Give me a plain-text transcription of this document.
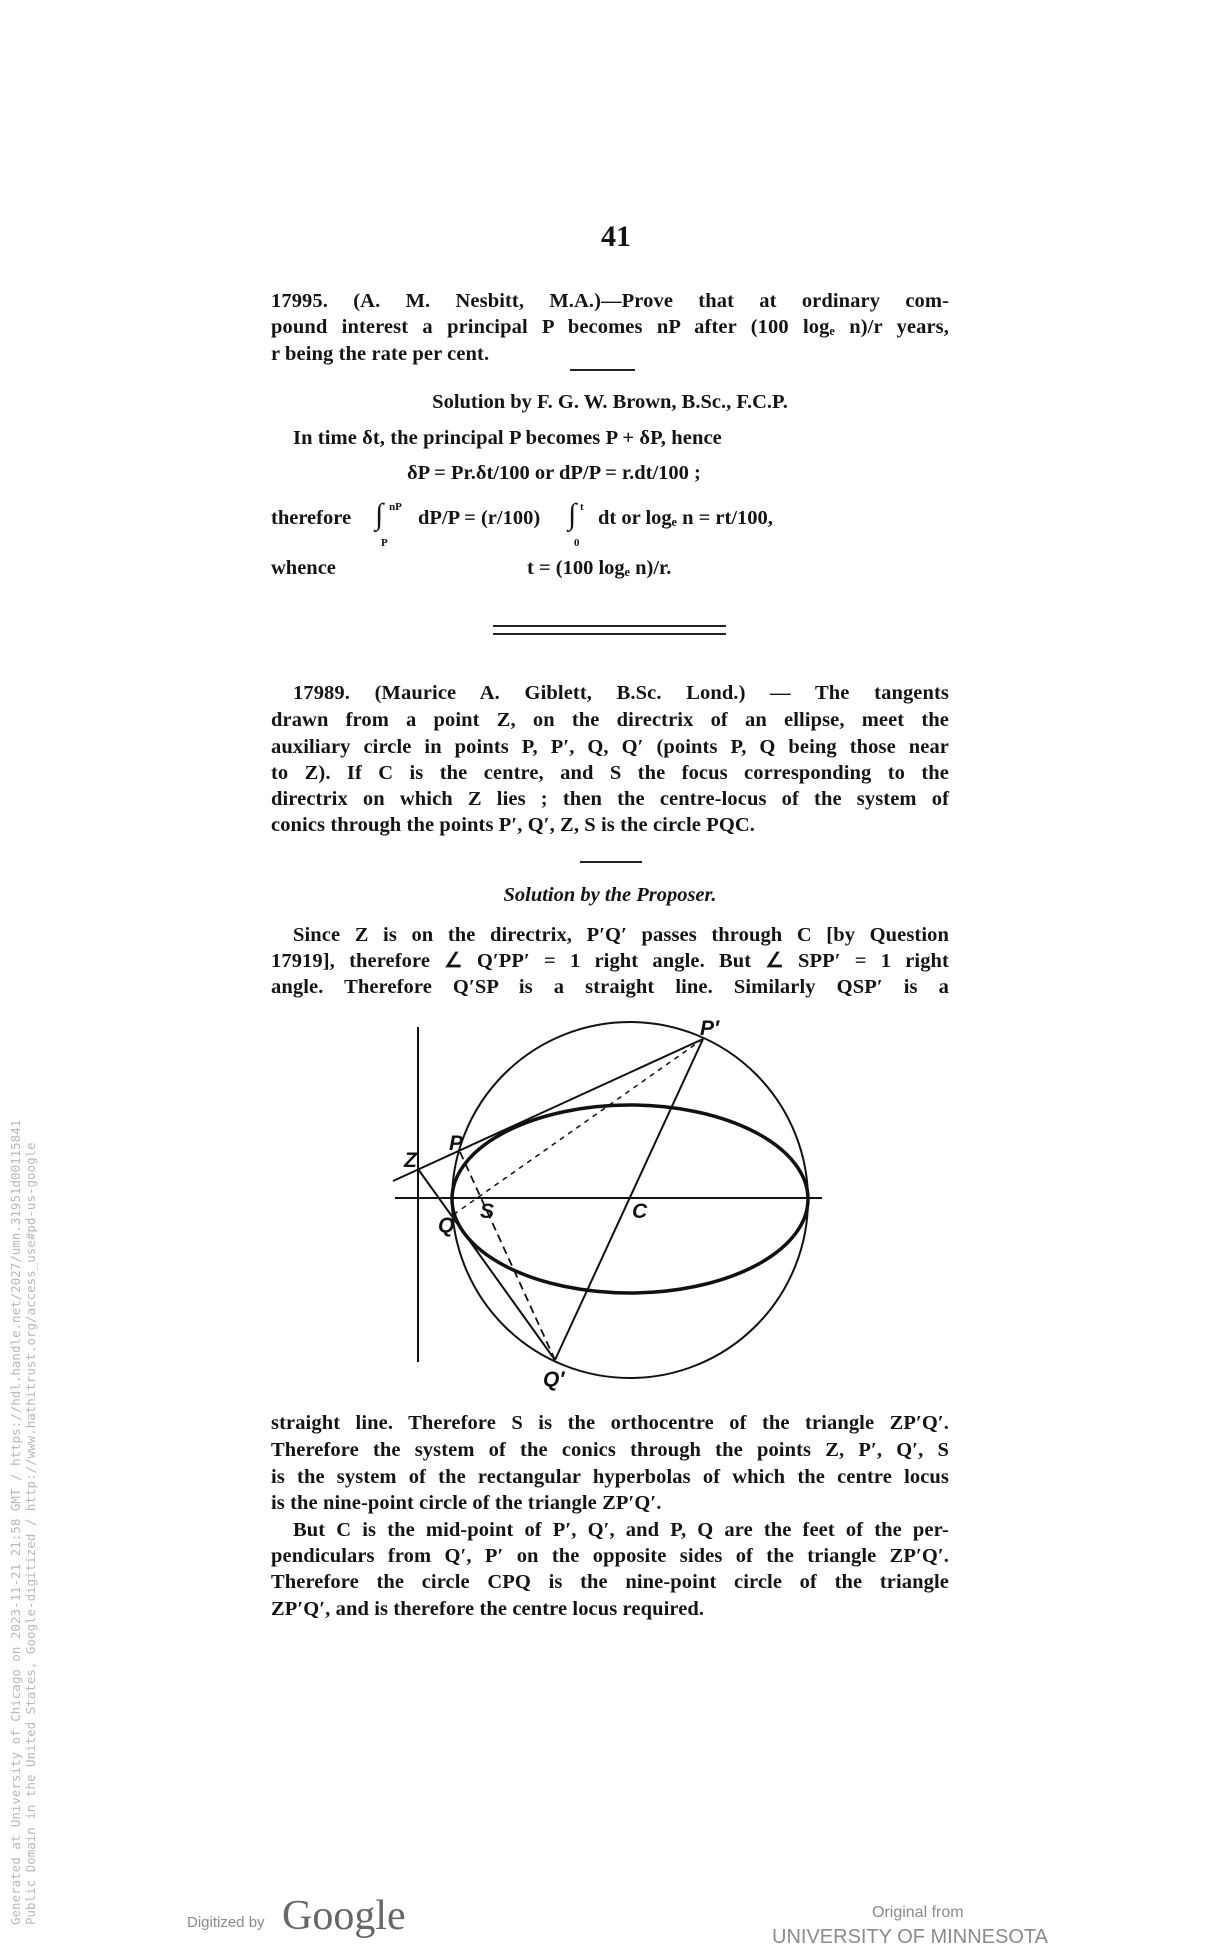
41
17995. (A. M. Nesbitt, M.A.)—Prove that at ordinary com-
pound interest a principal P becomes nP after (100 logₑ n)/r years,
r being the rate per cent.
Solution by F. G. W. Brown, B.Sc., F.C.P.
In time δt, the principal P becomes P + δP, hence
δP = Pr.δt/100 or dP/P = r.dt/100 ;
therefore ∫ nP
P
dP/P = (r/100) ∫ t
0
dt or logₑ n = rt/100,
whence	t = (100 logₑ n)/r.
17989. (Maurice A. Giblett, B.Sc. Lond.) — The tangents
drawn from a point Z, on the directrix of an ellipse, meet the
auxiliary circle in points P, P′, Q, Q′ (points P, Q being those near
to Z). If C is the centre, and S the focus corresponding to the
directrix on which Z lies ; then the centre-locus of the system of
conics through the points P′, Q′, Z, S is the circle PQC.
Solution by the Proposer.
Since Z is on the directrix, P′Q′ passes through C [by Question
17919], therefore ∠ Q′PP′ = 1 right angle. But ∠ SPP′ = 1 right
angle. Therefore Q′SP is a straight line. Similarly QSP′ is a
P′
P
Z
S	C
Q
Q′
straight line. Therefore S is the orthocentre of the triangle ZP′Q′.
Therefore the system of the conics through the points Z, P′, Q′, S
is the system of the rectangular hyperbolas of which the centre locus
is the nine-point circle of the triangle ZP′Q′.
But C is the mid-point of P′, Q′, and P, Q are the feet of the per-
pendiculars from Q′, P′ on the opposite sides of the triangle ZP′Q′.
Therefore the circle CPQ is the nine-point circle of the triangle
ZP′Q′, and is therefore the centre locus required.
Generated at University of Chicago on 2023-11-21 21:58 GMT / https://hdl.handle.net/2027/umn.31951d00115841 Public Domain in the United States, Google-digitized / http://www.hathitrust.org/access_use#pd-us-google	Digitized by Google	Original from
UNIVERSITY OF MINNESOTA
